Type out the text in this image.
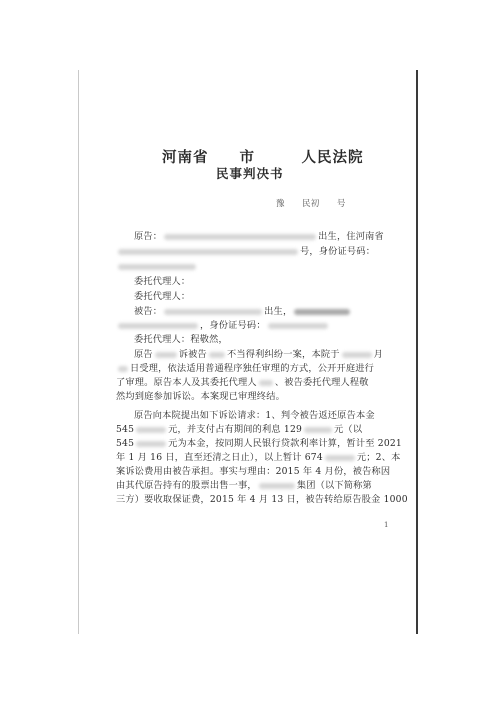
河南省　　市　　　人民法院
民事判决书
豫　　民初　　号
原告：	出生，住河南省
号，身份证号码：
委托代理人：
委托代理人：
被告：	出生，
，身份证号码：
委托代理人：程敬然，
原告	诉被告 不当得利纠纷一案，本院于	月
日受理，依法适用普通程序独任审理的方式，公开开庭进行
了审理。原告本人及其委托代理人 、被告委托代理人程敬
然均到庭参加诉讼。本案现已审理终结。
原告向本院提出如下诉讼请求：1、判令被告返还原告本金
545	元，并支付占有期间的利息 129	元（以
545	元为本金，按同期人民银行贷款利率计算，暂计至 2021
年 1 月 16 日，直至还清之日止），以上暂计 674	元；2、本
案诉讼费用由被告承担。事实与理由：2015 年 4 月份，被告称因
由其代原告持有的股票出售一事，	集团（以下简称第
三方）要收取保证费，2015 年 4 月 13 日，被告转给原告股金 1000
1
